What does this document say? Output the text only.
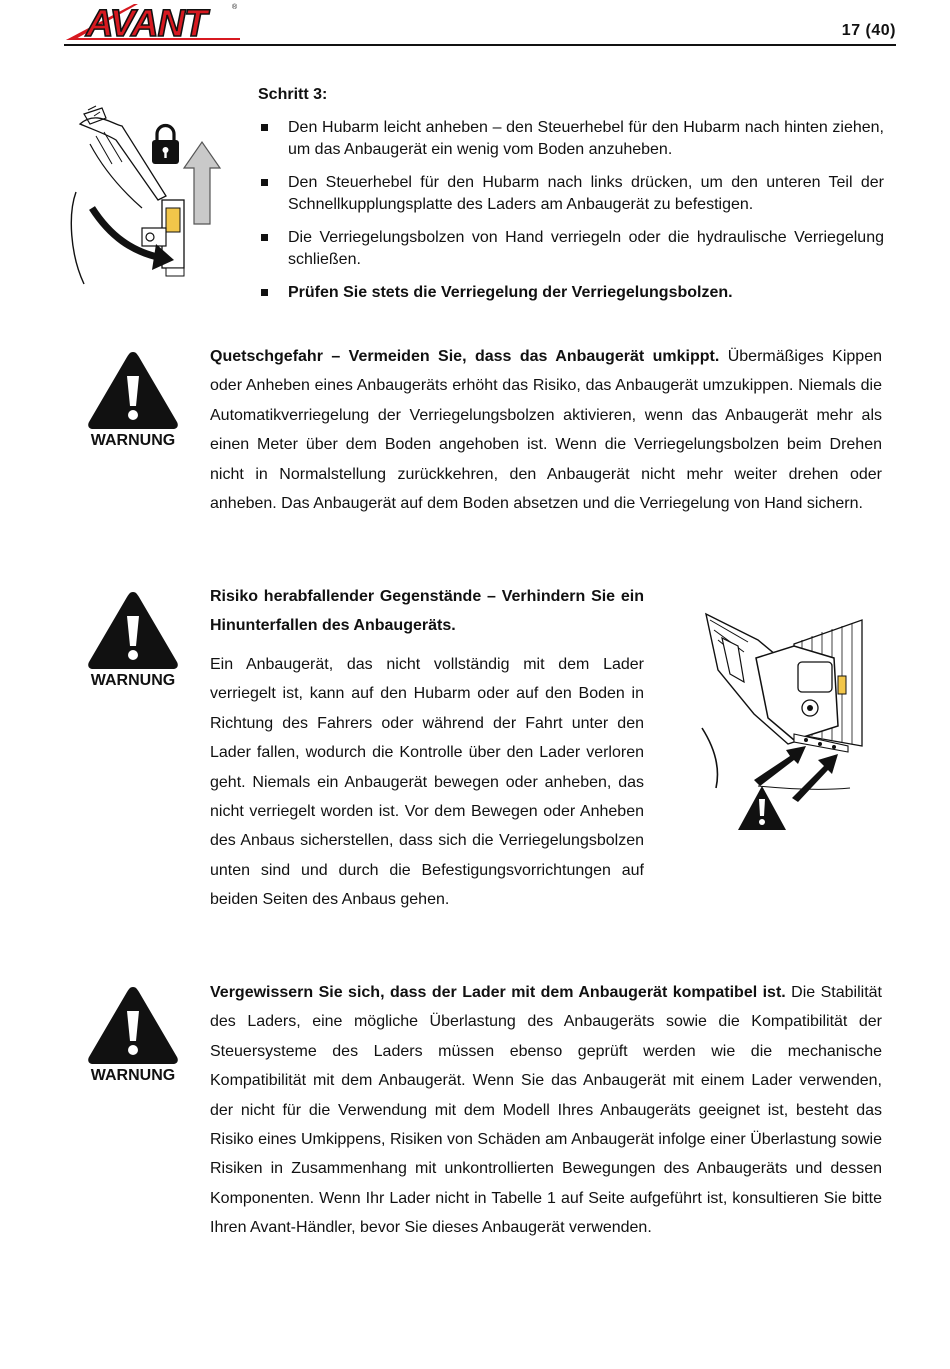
AVANT	®
17 (40)
Schritt 3:
Den Hubarm leicht anheben – den Steuerhebel für den Hubarm nach hinten ziehen, um das Anbaugerät ein wenig vom Boden anzuheben.
Den Steuerhebel für den Hubarm nach links drücken, um den unteren Teil der Schnellkupplungsplatte des Laders am Anbaugerät zu befestigen.
Die Verriegelungsbolzen von Hand verriegeln oder die hydraulische Verriegelung schließen.
Prüfen Sie stets die Verriegelung der Verriegelungsbolzen.
WARNUNG

Quetschgefahr – Vermeiden Sie, dass das Anbaugerät umkippt. Übermäßiges Kippen oder Anheben eines Anbaugeräts erhöht das Risiko, das Anbaugerät umzukippen. Niemals die Automatikverriegelung der Verriegelungsbolzen aktivieren, wenn das Anbaugerät mehr als einen Meter über dem Boden angehoben ist. Wenn die Verriegelungsbolzen beim Drehen nicht in Normalstellung zurückkehren, den Anbaugerät nicht mehr weiter drehen oder anheben. Das Anbaugerät auf dem Boden absetzen und die Verriegelung von Hand sichern.

WARNUNG

Risiko herabfallender Gegenstände – Verhindern Sie ein Hinunterfallen des Anbaugeräts.

Ein Anbaugerät, das nicht vollständig mit dem Lader verriegelt ist, kann auf den Hubarm oder auf den Boden in Richtung des Fahrers oder während der Fahrt unter den Lader fallen, wodurch die Kontrolle über den Lader verloren geht. Niemals ein Anbaugerät bewegen oder anheben, das nicht verriegelt worden ist. Vor dem Bewegen oder Anheben des Anbaus sicherstellen, dass sich die Verriegelungsbolzen unten sind und durch die Befestigungsvorrichtungen auf beiden Seiten des Anbaus gehen.

WARNUNG

Vergewissern Sie sich, dass der Lader mit dem Anbaugerät kompatibel ist. Die Stabilität des Laders, eine mögliche Überlastung des Anbaugeräts sowie die Kompatibilität der Steuersysteme des Laders müssen ebenso geprüft werden wie die mechanische Kompatibilität mit dem Anbaugerät. Wenn Sie das Anbaugerät mit einem Lader verwenden, der nicht für die Verwendung mit dem Modell Ihres Anbaugeräts geeignet ist, besteht das Risiko eines Umkippens, Risiken von Schäden am Anbaugerät infolge einer Überlastung sowie Risiken in Zusammenhang mit unkontrollierten Bewegungen des Anbaugeräts und dessen Komponenten. Wenn Ihr Lader nicht in Tabelle 1 auf Seite aufgeführt ist, konsultieren Sie bitte Ihren Avant-Händler, bevor Sie dieses Anbaugerät verwenden.
